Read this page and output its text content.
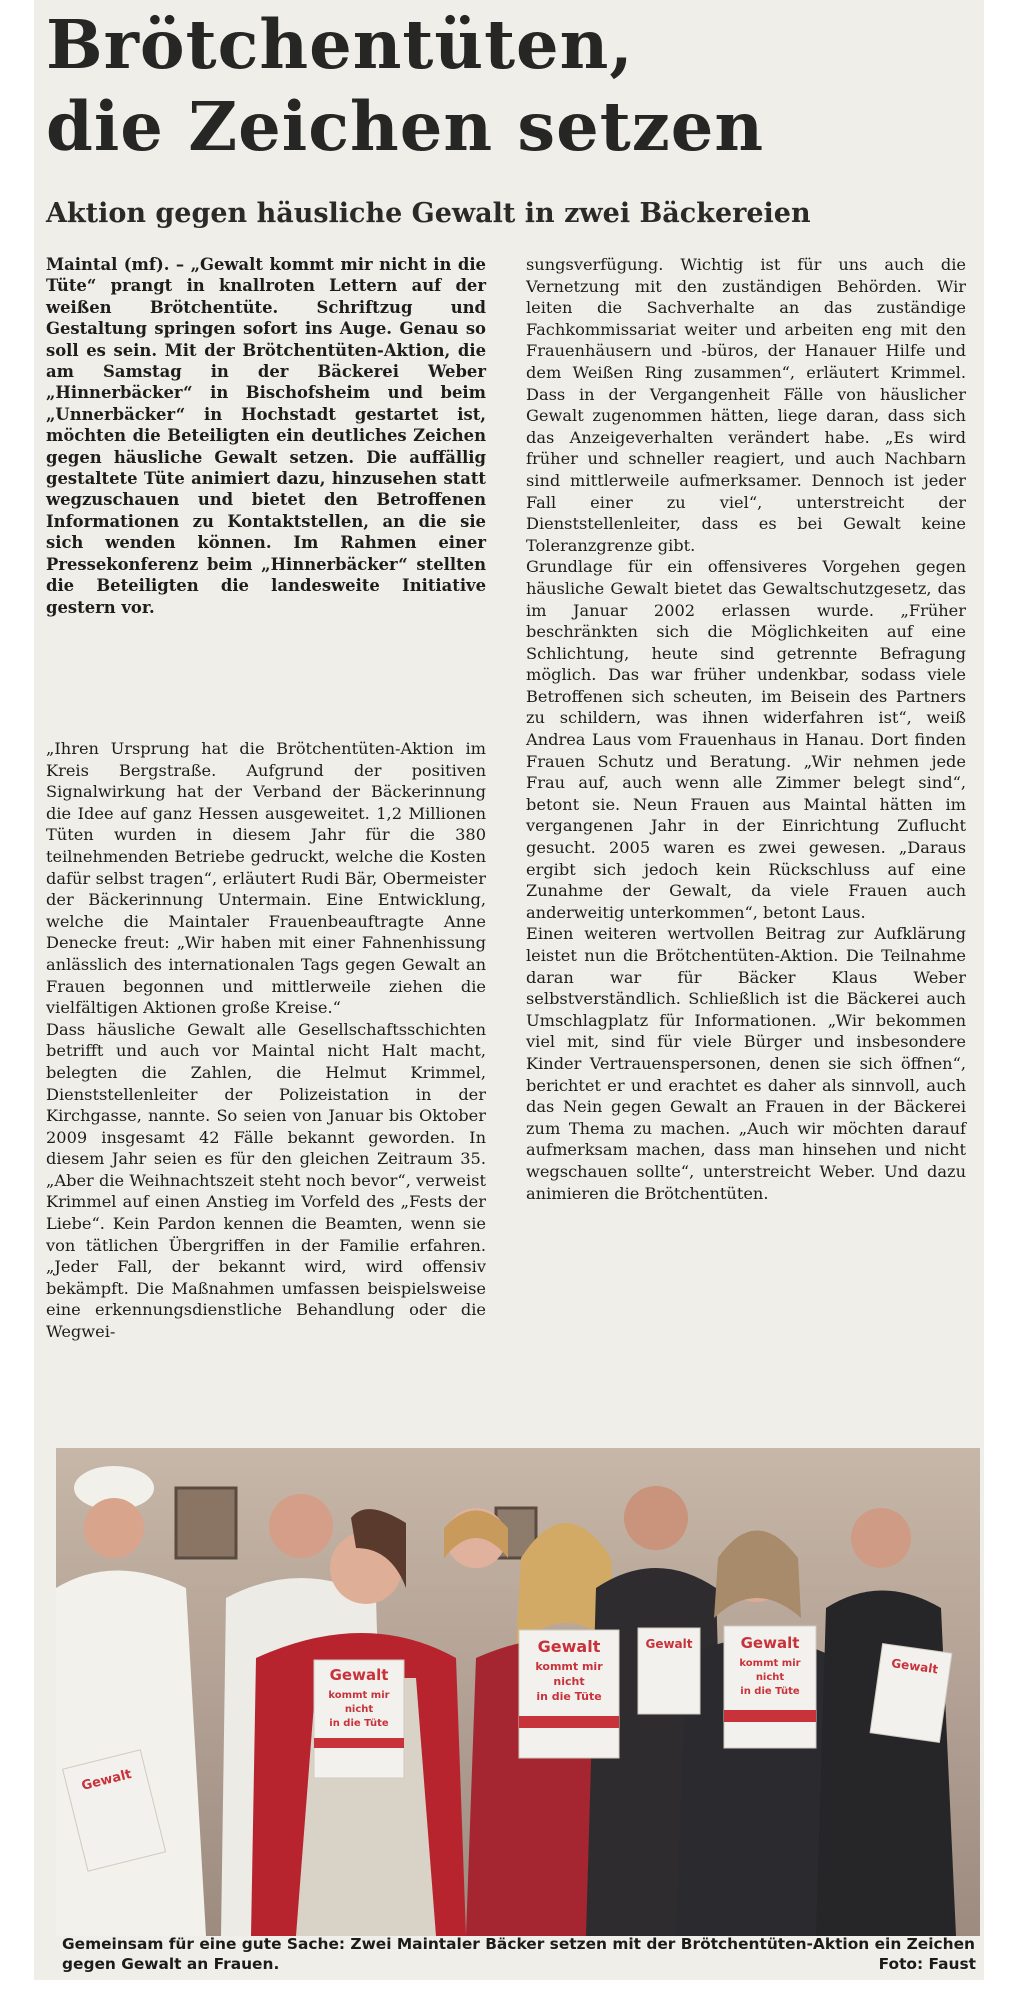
Brötchentüten,
die Zeichen setzen
Aktion gegen häusliche Gewalt in zwei Bäckereien

Maintal (mf). – „Gewalt kommt mir nicht in die Tüte“ prangt in knallroten Lettern auf der weißen Brötchentüte. Schriftzug und Gestaltung springen sofort ins Auge. Genau so soll es sein. Mit der Brötchentüten-Aktion, die am Samstag in der Bäckerei Weber „Hinnerbäcker“ in Bischofsheim und beim „Unnerbäcker“ in Hochstadt gestartet ist, möchten die Beteiligten ein deutliches Zeichen gegen häusliche Gewalt setzen. Die auffällig gestaltete Tüte animiert dazu, hinzusehen statt wegzuschauen und bietet den Betroffenen Informationen zu Kontaktstellen, an die sie sich wenden können. Im Rahmen einer Pressekonferenz beim „Hinnerbäcker“ stellten die Beteiligten die landesweite Initiative gestern vor.

„Ihren Ursprung hat die Brötchentüten-Aktion im Kreis Bergstraße. Aufgrund der positiven Signalwirkung hat der Verband der Bäckerinnung die Idee auf ganz Hessen ausgeweitet. 1,2 Millionen Tüten wurden in diesem Jahr für die 380 teilnehmenden Betriebe gedruckt, welche die Kosten dafür selbst tragen“, erläutert Rudi Bär, Obermeister der Bäckerinnung Untermain. Eine Entwicklung, welche die Maintaler Frauenbeauftragte Anne Denecke freut: „Wir haben mit einer Fahnenhissung anlässlich des internationalen Tags gegen Gewalt an Frauen begonnen und mittlerweile ziehen die vielfältigen Aktionen große Kreise.“

Dass häusliche Gewalt alle Gesellschaftsschichten betrifft und auch vor Maintal nicht Halt macht, belegten die Zahlen, die Helmut Krimmel, Dienststellenleiter der Polizeistation in der Kirchgasse, nannte. So seien von Januar bis Oktober 2009 insgesamt 42 Fälle bekannt geworden. In diesem Jahr seien es für den gleichen Zeitraum 35. „Aber die Weihnachtszeit steht noch bevor“, verweist Krimmel auf einen Anstieg im Vorfeld des „Fests der Liebe“. Kein Pardon kennen die Beamten, wenn sie von tätlichen Übergriffen in der Familie erfahren. „Jeder Fall, der bekannt wird, wird offensiv bekämpft. Die Maßnahmen umfassen beispielsweise eine erkennungsdienstliche Behandlung oder die Wegwei-

sungsverfügung. Wichtig ist für uns auch die Vernetzung mit den zuständigen Behörden. Wir leiten die Sachverhalte an das zuständige Fachkommissariat weiter und arbeiten eng mit den Frauenhäusern und -büros, der Hanauer Hilfe und dem Weißen Ring zusammen“, erläutert Krimmel. Dass in der Vergangenheit Fälle von häuslicher Gewalt zugenommen hätten, liege daran, dass sich das Anzeigeverhalten verändert habe. „Es wird früher und schneller reagiert, und auch Nachbarn sind mittlerweile aufmerksamer. Dennoch ist jeder Fall einer zu viel“, unterstreicht der Dienststellenleiter, dass es bei Gewalt keine Toleranzgrenze gibt.

Grundlage für ein offensiveres Vorgehen gegen häusliche Gewalt bietet das Gewaltschutzgesetz, das im Januar 2002 erlassen wurde. „Früher beschränkten sich die Möglichkeiten auf eine Schlichtung, heute sind getrennte Befragung möglich. Das war früher undenkbar, sodass viele Betroffenen sich scheuten, im Beisein des Partners zu schildern, was ihnen widerfahren ist“, weiß Andrea Laus vom Frauenhaus in Hanau. Dort finden Frauen Schutz und Beratung. „Wir nehmen jede Frau auf, auch wenn alle Zimmer belegt sind“, betont sie. Neun Frauen aus Maintal hätten im vergangenen Jahr in der Einrichtung Zuflucht gesucht. 2005 waren es zwei gewesen. „Daraus ergibt sich jedoch kein Rückschluss auf eine Zunahme der Gewalt, da viele Frauen auch anderweitig unterkommen“, betont Laus.

Einen weiteren wertvollen Beitrag zur Aufklärung leistet nun die Brötchentüten-Aktion. Die Teilnahme daran war für Bäcker Klaus Weber selbstverständlich. Schließlich ist die Bäckerei auch Umschlagplatz für Informationen. „Wir bekommen viel mit, sind für viele Bürger und insbesondere Kinder Vertrauenspersonen, denen sie sich öffnen“, berichtet er und erachtet es daher als sinnvoll, auch das Nein gegen Gewalt an Frauen in der Bäckerei zum Thema zu machen. „Auch wir möchten darauf aufmerksam machen, dass man hinsehen und nicht wegschauen sollte“, unterstreicht Weber. Und dazu animieren die Brötchentüten.

Gewalt
kommt mir
nicht
in die Tüte
Gewalt
kommt mir
nicht
in die Tüte
Gewalt
kommt mir
nicht
in die Tüte
Gewalt
Gewalt
Gewalt
Gemeinsam für eine gute Sache: Zwei Maintaler Bäcker setzen mit der Brötchentüten-Aktion ein Zeichen gegen Gewalt an Frauen.	Foto: Faust
